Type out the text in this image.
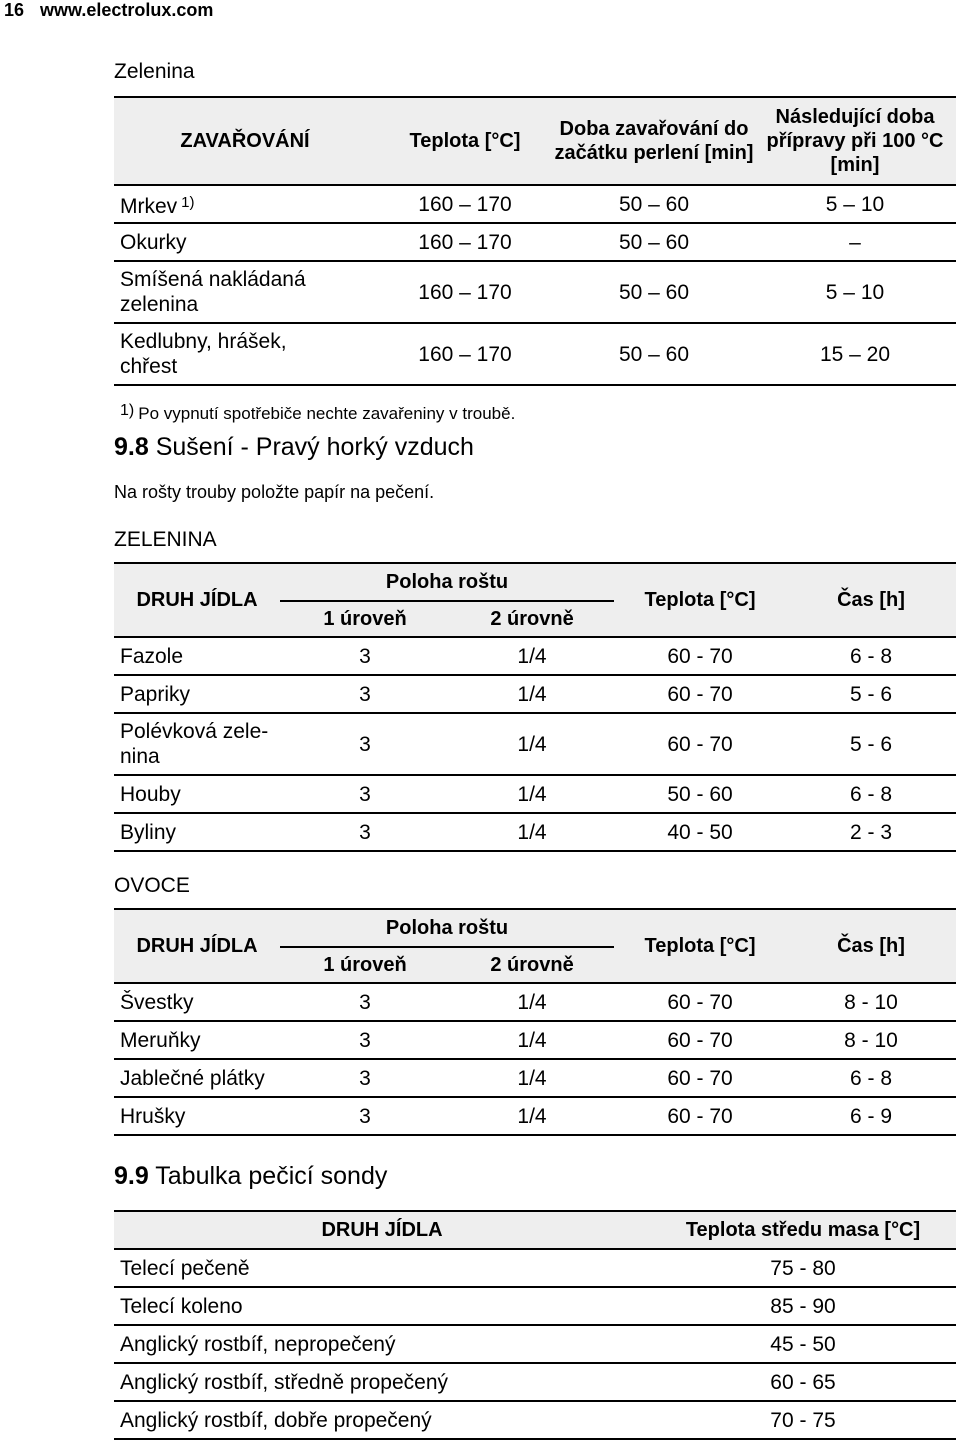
16 www.electrolux.com
Zelenina
ZAVAŘOVÁNÍ	Teplota [°C]	Doba zavařování do začátku perlení [min]	Následující doba přípravy při 100 °C [min]
Mrkev $^{1)}$	160 – 170	50 – 60	5 – 10
Okurky	160 – 170	50 – 60	–
Smíšená nakládaná zelenina	160 – 170	50 – 60	5 – 10
Kedlubny, hrášek, chřest	160 – 170	50 – 60	15 – 20
$^{1)}$ Po vypnutí spotřebiče nechte zavařeniny v troubě.
9.8 Sušení - Pravý horký vzduch
Na rošty trouby položte papír na pečení.
ZELENINA
DRUH JÍDLA	Poloha roštu		Teplota [°C]	Čas [h]
	1 úroveň	2 úrovně		
Fazole	3	1/4	60 - 70	6 - 8
Papriky	3	1/4	60 - 70	5 - 6
Polévková zele-
nina	3	1/4	60 - 70	5 - 6
Houby	3	1/4	50 - 60	6 - 8
Byliny	3	1/4	40 - 50	2 - 3
OVOCE
DRUH JÍDLA	Poloha roštu		Teplota [°C]	Čas [h]
	1 úroveň	2 úrovně		
Švestky	3	1/4	60 - 70	8 - 10
Meruňky	3	1/4	60 - 70	8 - 10
Jablečné plátky	3	1/4	60 - 70	6 - 8
Hrušky	3	1/4	60 - 70	6 - 9
9.9 Tabulka pečicí sondy
DRUH JÍDLA	Teplota středu masa [°C]
Telecí pečeně	75 - 80
Telecí koleno	85 - 90
Anglický rostbíf, nepropečený	45 - 50
Anglický rostbíf, středně propečený	60 - 65
Anglický rostbíf, dobře propečený	70 - 75
